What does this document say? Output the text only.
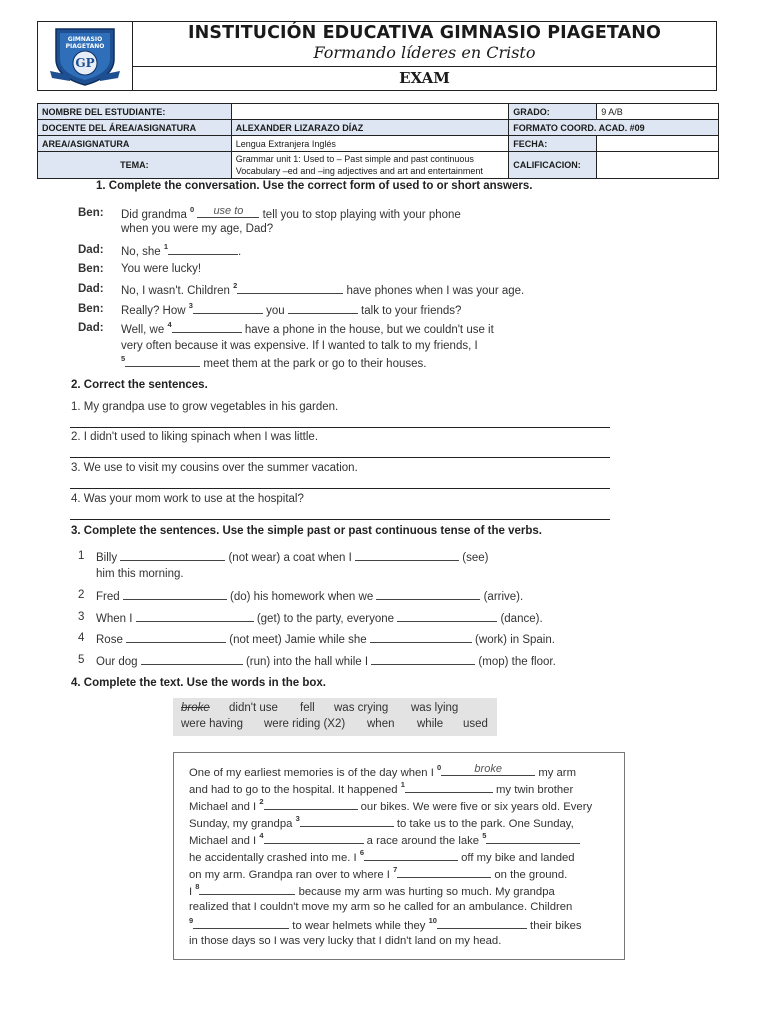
GIMNASIO
PIAGETANO
GP
INSTITUCIÓN EDUCATIVA GIMNASIO PIAGETANO
Formando líderes en Cristo
EXAM
NOMBRE DEL ESTUDIANTE:		GRADO:	9 A/B
DOCENTE DEL ÁREA/ASIGNATURA	ALEXANDER LIZARAZO DÍAZ	FORMATO COORD. ACAD. #09	
AREA/ASIGNATURA	Lengua Extranjera Inglés	FECHA:	
TEMA:	Grammar unit 1: Used to – Past simple and past continuous
Vocabulary –ed and –ing adjectives and art and entertainment	CALIFICACION:	
1. Complete the conversation. Use the correct form of used to or short answers.
Ben: Did grandma $^0$	use to	tell you to stop playing with your phone
when you were my age, Dad?
Dad: No, she $^1$	.
Ben: You were lucky!
Dad: No, I wasn't. Children $^2$	have phones when I was your age.
Ben: Really? How $^3$	you	talk to your friends?
Dad: Well, we $^4$	have a phone in the house, but we couldn't use it
very often because it was expensive. If I wanted to talk to my friends, I
$^5$	meet them at the park or go to their houses.
2. Correct the sentences.
1. My grandpa use to grow vegetables in his garden.
2. I didn't used to liking spinach when I was little.
3. We use to visit my cousins over the summer vacation.
4. Was your mom work to use at the hospital?
3. Complete the sentences. Use the simple past or past continuous tense of the verbs.
1 Billy	(not wear) a coat when I	(see)
him this morning.
2 Fred	(do) his homework when we	(arrive).
3 When I	(get) to the party, everyone	(dance).
4 Rose	(not meet) Jamie while she	(work) in Spain.
5 Our dog	(run) into the hall while I	(mop) the floor.
4. Complete the text. Use the words in the box.
broke didn't use fell was crying was lying
were having were riding (X2) when while used
One of my earliest memories is of the day when I $^0$	broke	my arm
and had to go to the hospital. It happened $^1$	my twin brother
Michael and I $^2$	our bikes. We were five or six years old. Every
Sunday, my grandpa $^3$	to take us to the park. One Sunday,
Michael and I $^4$	a race around the lake $^5$
he accidentally crashed into me. I $^6$	off my bike and landed
on my arm. Grandpa ran over to where I $^7$	on the ground.
I $^8$	because my arm was hurting so much. My grandpa
realized that I couldn't move my arm so he called for an ambulance. Children
$^9$	to wear helmets while they $^{10}$	their bikes
in those days so I was very lucky that I didn't land on my head.
